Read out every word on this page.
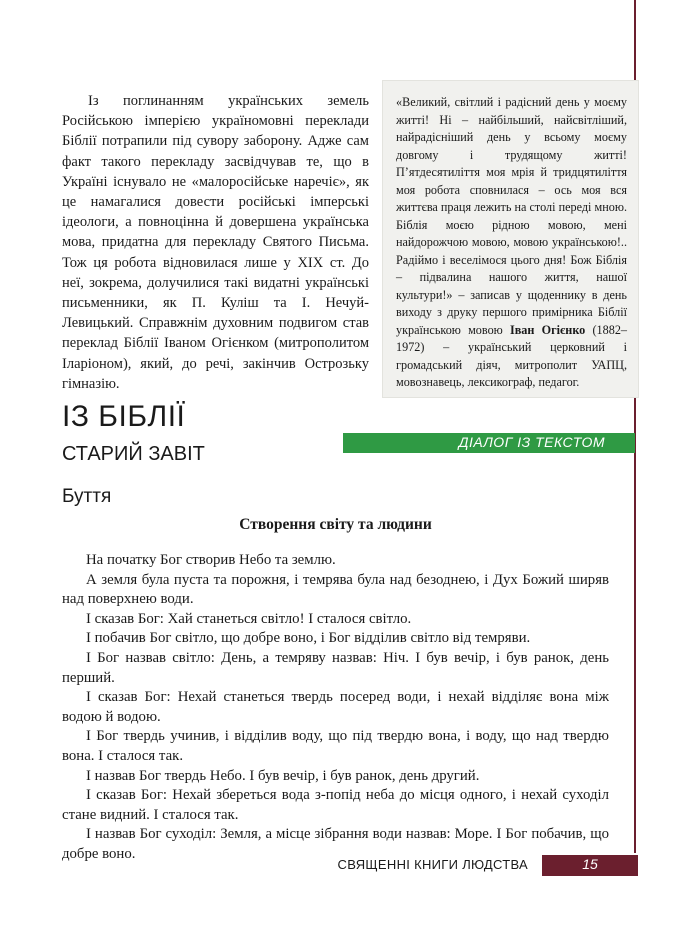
Із поглинанням українських земель Російською імперією україномовні переклади Біблії потрапили під сувору заборону. Адже сам факт такого перекладу засвідчував те, що в Україні існувало не «малоросійське наречіє», як це намагалися довести російські імперські ідеологи, а повноцінна й довершена українська мова, придатна для перекладу Святого Письма. Тож ця робота відновилася лише у XIX ст. До неї, зокрема, долучилися такі видатні українські письменники, як П. Куліш та І. Нечуй-Левицький. Справжнім духовним подвигом став переклад Біблії Іваном Огієнком (митрополитом Іларіоном), який, до речі, закінчив Острозьку гімназію.

«Великий, світлий і радісний день у моєму житті! Ні – найбільший, найсвітліший, найрадісніший день у всьому моєму довгому і трудящому житті! П’ятдесятиліття моя мрія й тридцятиліття моя робота сповнилася – ось моя вся життєва праця лежить на столі переді мною. Біблія моєю рідною мовою, мені найдорожчою мовою, мовою українською!.. Радіймо і веселімося цього дня! Бож Біблія – підвалина нашого життя, нашої культури!» – записав у щоденнику в день виходу з друку першого примірника Біблії українською мовою Іван Огієнко (1882–1972) – український церковний і громадський діяч, митрополит УАПЦ, мовознавець, лексикограф, педагог.

ІЗ БІБЛІЇ
ДІАЛОГ ІЗ ТЕКСТОМ
СТАРИЙ ЗАВІТ
Буття
Створення світу та людини

На початку Бог створив Небо та землю.

А земля була пуста та порожня, і темрява була над безоднею, і Дух Божий ширяв над поверхнею води.

І сказав Бог: Хай станеться світло! І сталося світло.

І побачив Бог світло, що добре воно, і Бог відділив світло від темряви.

І Бог назвав світло: День, а темряву назвав: Ніч. І був вечір, і був ранок, день перший.

І сказав Бог: Нехай станеться твердь посеред води, і нехай відділяє вона між водою й водою.

І Бог твердь учинив, і відділив воду, що під твердю вона, і воду, що над твердю вона. І сталося так.

І назвав Бог твердь Небо. І був вечір, і був ранок, день другий.

І сказав Бог: Нехай збереться вода з-попід неба до місця одного, і нехай суходіл стане видний. І сталося так.

І назвав Бог суходіл: Земля, а місце зібрання води назвав: Море. І Бог побачив, що добре воно.

СВЯЩЕННІ КНИГИ ЛЮДСТВА	15
